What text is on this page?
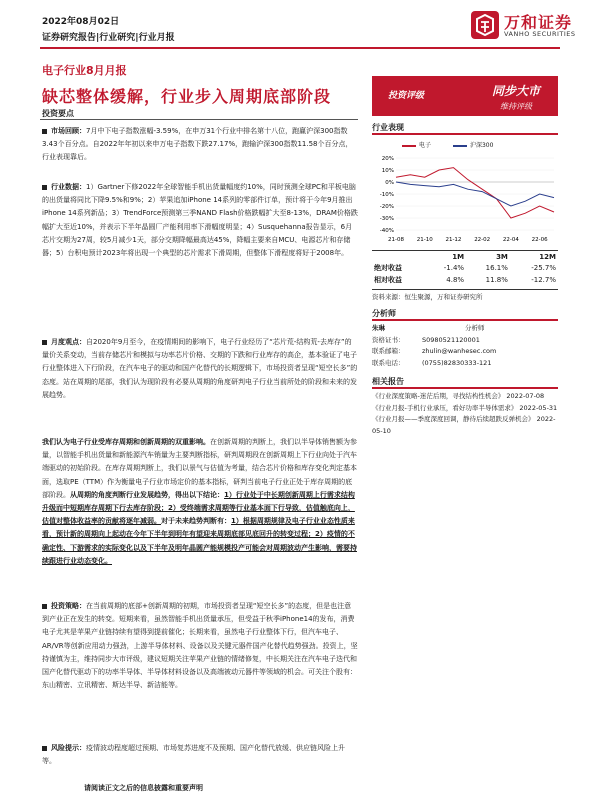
2022年08月02日
证券研究报告|行业研究|行业月报
万和证券
VANHO SECURITIES
电子行业8月月报
缺芯整体缓解，行业步入周期底部阶段
投资要点
市场回顾：7月中下电子指数涨幅-3.59%，在申万31个行业中排名第十八位，跑赢沪深300指数3.43个百分点。自2022年年初以来申万电子指数下跌27.17%，跑输沪深300指数11.58个百分点，行业表现靠后。
行业数据：1）Gartner下修2022年全球智能手机出货量幅度约10%，同时预测全球PC和平板电脑的出货量将同比下降9.5%和9%；2）苹果追加iPhone 14系列的零部件订单，预计将于今年9月推出iPhone 14系列新品；3）TrendForce预测第三季NAND Flash价格跌幅扩大至8-13%，DRAM价格跌幅扩大至近10%，并表示下半年晶圆厂产能利用率下滑幅度明显；4）Susquehanna报告显示，6月芯片交期为27周，较5月减少1天，部分交期降幅最高达45%，降幅主要来自MCU、电源芯片和存储器；5）台积电预计2023年将出现一个典型的芯片需求下滑周期，但整体下滑程度将好于2008年。
月度观点：自2020年9月至今，在疫情期间的影响下，电子行业经历了“芯片荒-结构荒-去库存”的量价关系变动，当前存储芯片和模拟与功率芯片价格、交期的下跌和行业库存的高企，基本验证了电子行业整体进入下行阶段，在汽车电子的驱动和国产化替代的长期逻辑下，市场投资者呈现“短空长多”的态度。站在周期的尾部，我们认为现阶段有必要从周期的角度研判电子行业当前所处的阶段和未来的发展趋势。
我们认为电子行业受库存周期和创新周期的双重影响。在创新周期的判断上，我们以半导体销售额为参量，以智能手机出货量和新能源汽车销量为主要判断指标，研判周期段在创新周期上下行业向处于汽车端驱动的初始阶段。在库存周期判断上，我们以景气与估值为考量，结合芯片价格和库存变化判定基本面，选取PE（TTM）作为衡量电子行业市场定价的基本指标，研判当前电子行业正处于库存周期的底部阶段。从周期的角度判断行业发展趋势，得出以下结论：1）行业处于中长期创新周期上行需求结构升级而中短期库存周期下行去库存阶段；2）受终端需求周期等行业基本面下行导致，估值触底向上，估值对整体收益率的贡献将逐年减弱。对于未来趋势判断有：1）根据周期规律及电子行业业态性质来看，预计新的周期向上起动在今年下半年到明年有望迎来周期底部见底回升的转变过程；2）疫情的不确定性、下游需求的实际变化以及下半年及明年晶圆产能规模投产可能会对周期波动产生影响，需要持续跟进行业动态变化。
投资策略：在当前周期的底部+创新周期的初期，市场投资者呈现“短空长多”的态度，但是也注意到产业正在发生的转变。短期来看，虽然智能手机出货量承压，但受益于秋季iPhone14的发布，消费电子尤其是苹果产业链持续有望得到提前催化；长期来看，虽然电子行业整体下行，但汽车电子、AR/VR等创新应用动力强劲，上游半导体材料、设备以及关键元器件国产化替代趋势强劲。投资上，坚持谨慎为主，维持同步大市评级，建议短期关注苹果产业链的情绪修复，中长期关注在汽车电子迭代和国产化替代驱动下的功率半导体、半导体材料设备以及高端被动元器件等领域的机会。可关注个股有：东山精密、立讯精密、斯达半导、新洁能等。
风险提示：疫情波动程度超过预期、市场复苏进度不及预期、国产化替代放缓、供应链风险上升等。
投资评级	同步大市
维持评级
行业表现
电子	沪深300
20%
10%
0%
-10%
-20%
-30%
-40%
21-08 21-10 21-12 22-02 22-04 22-06
	1M	3M	12M
绝对收益	-1.4%	16.1%	-25.7%
相对收益	4.8%	11.8%	-12.7%
资料来源：恒生聚源，万和证券研究所
分析师
朱琳	分析师
资格证书：	S0980521120001
联系邮箱：	zhulin@wanhesec.com
联系电话：	(0755)82830333-121
相关报告
《行业深度策略-迷茫后期，寻找结构性机会》 2022-07-08
《行业月报-手机行业承压，看好功率半导体需求》 2022-05-31
《行业月报——季度深度回调，静待后续超跌反弹机会》 2022-05-10
请阅读正文之后的信息披露和重要声明
